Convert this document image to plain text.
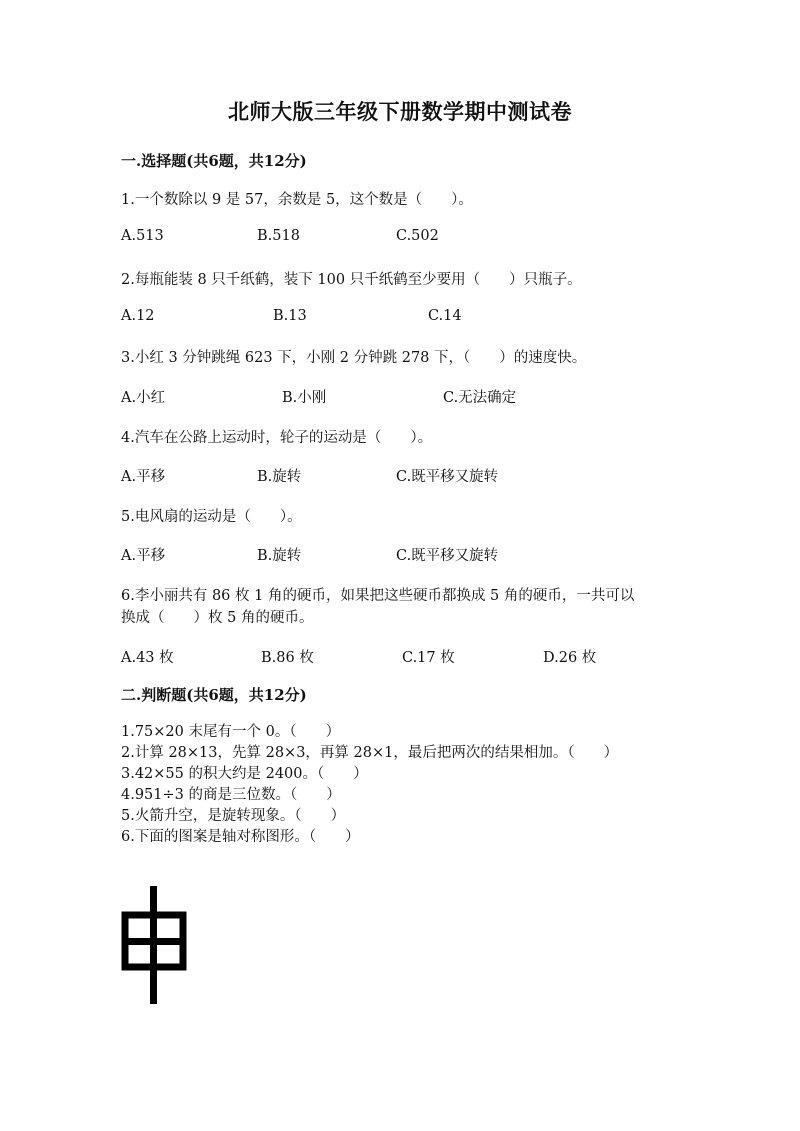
北师大版三年级下册数学期中测试卷
一.选择题(共6题，共12分)
1.一个数除以 9 是 57，余数是 5，这个数是（　　）。
A.513	B.518	C.502
2.每瓶能装 8 只千纸鹤，装下 100 只千纸鹤至少要用（　　）只瓶子。
A.12	B.13	C.14
3.小红 3 分钟跳绳 623 下，小刚 2 分钟跳 278 下，（　　）的速度快。
A.小红	B.小刚	C.无法确定
4.汽车在公路上运动时，轮子的运动是（　　）。
A.平移	B.旋转	C.既平移又旋转
5.电风扇的运动是（　　）。
A.平移	B.旋转	C.既平移又旋转
6.李小丽共有 86 枚 1 角的硬币，如果把这些硬币都换成 5 角的硬币，一共可以
换成（　　）枚 5 角的硬币。
A.43 枚	B.86 枚	C.17 枚	D.26 枚
二.判断题(共6题，共12分)
1.75×20 末尾有一个 0。（　　）
2.计算 28×13，先算 28×3，再算 28×1，最后把两次的结果相加。（　　）
3.42×55 的积大约是 2400。（　　）
4.951÷3 的商是三位数。（　　）
5.火箭升空，是旋转现象。（　　）
6.下面的图案是轴对称图形。（　　）
